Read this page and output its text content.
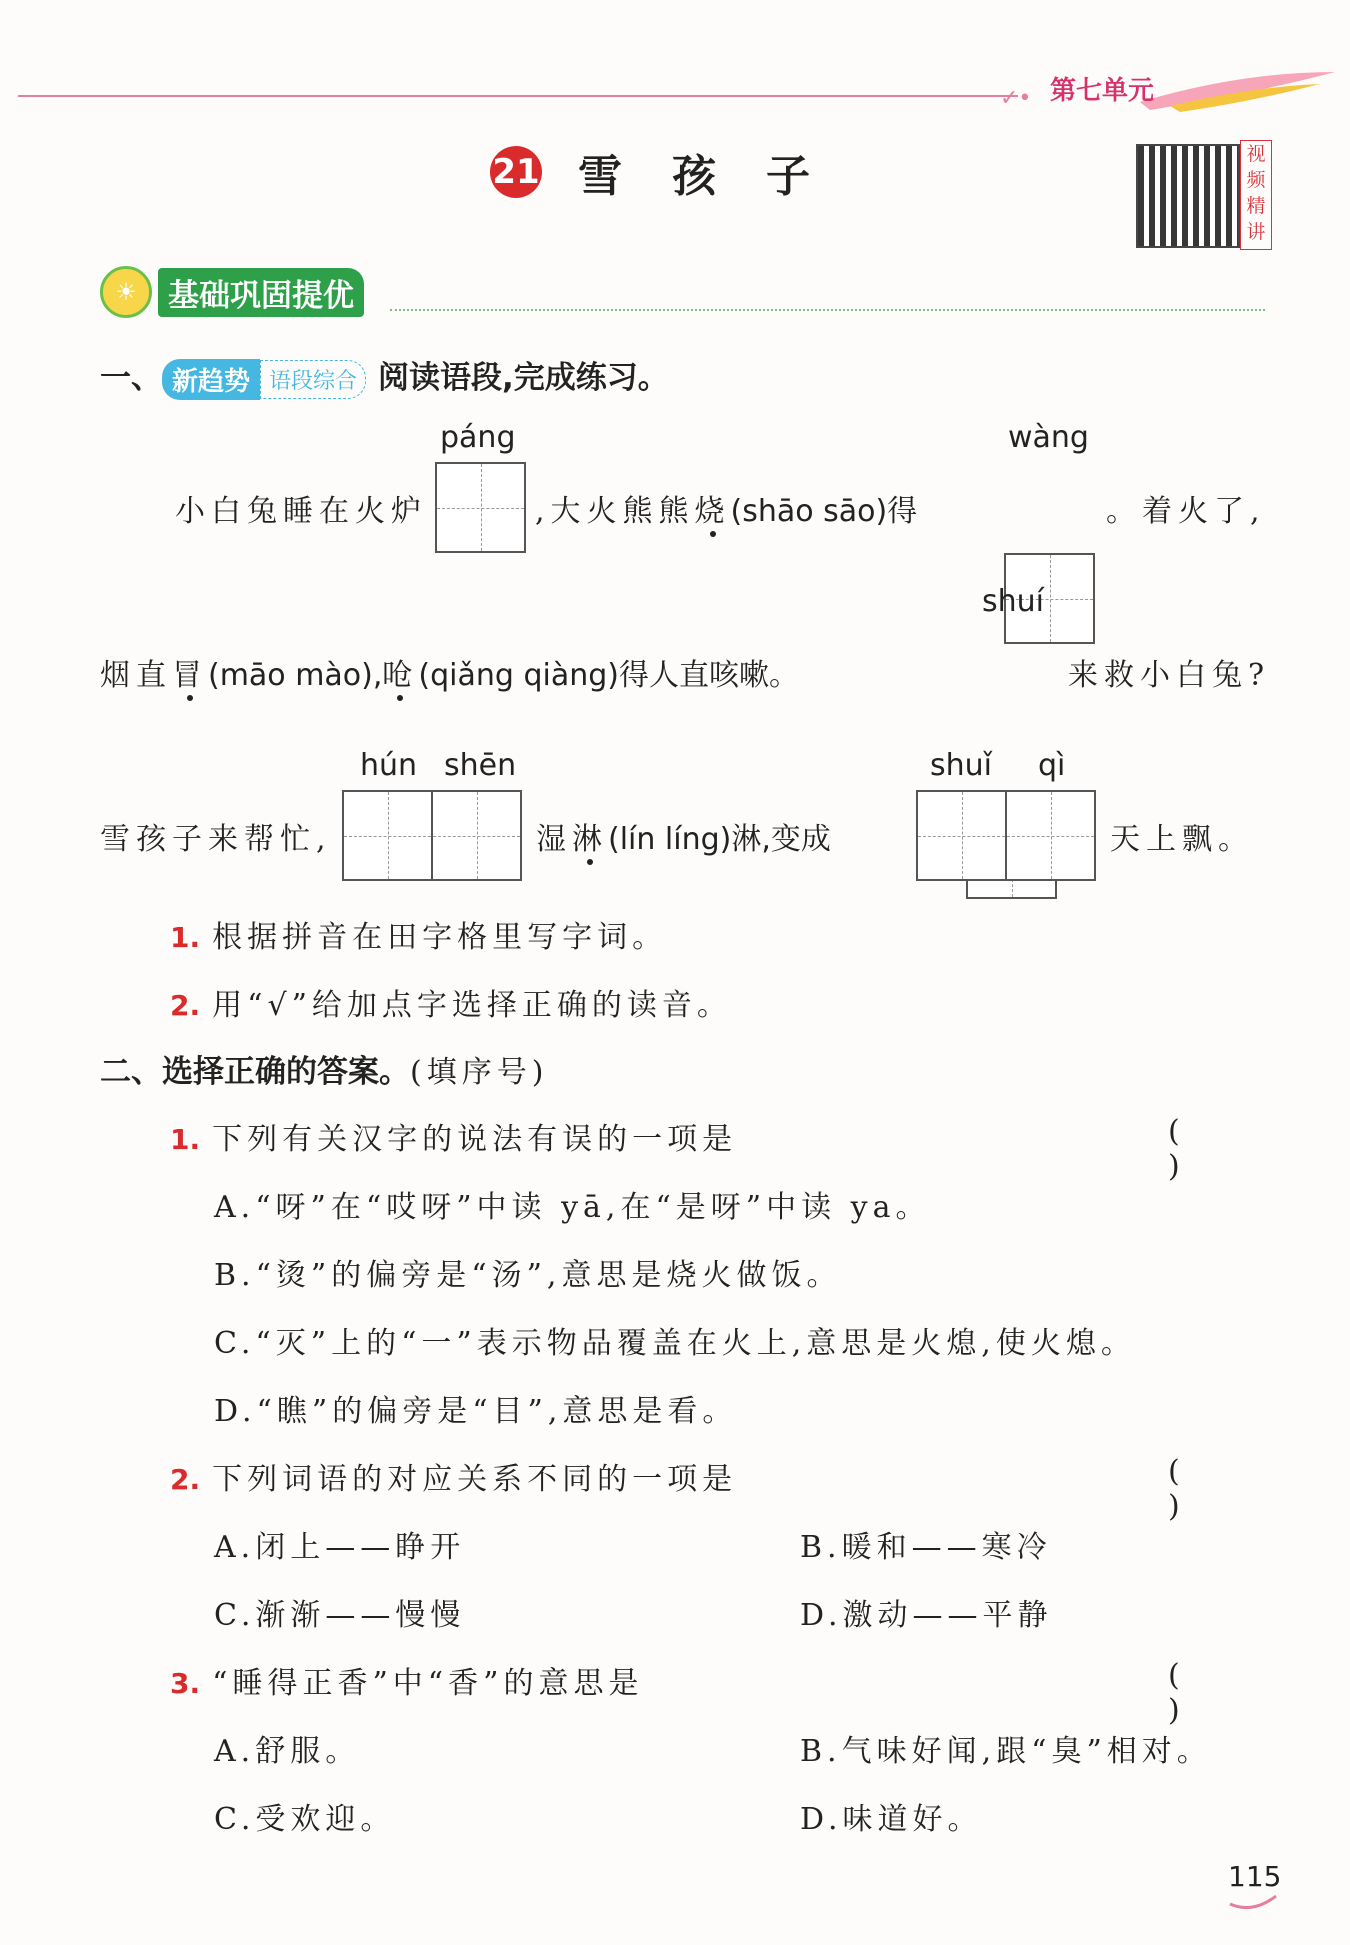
✓• 第七单元
21 雪孩子	视
频
精
讲
☀	基础巩固提优
一、 新趋势 语段综合 阅读语段,完成练习。
páng	wàng
小白兔睡在火炉	,大火熊熊烧(shāo sāo)得	。着火了,
shuí
烟直冒(māo mào),呛(qiǎng qiàng)得人直咳嗽。	来救小白兔?
hún shēn	shuǐ qì
雪孩子来帮忙,	湿淋(lín líng)淋,变成	天上飘。
1. 根据拼音在田字格里写字词。
2. 用“√”给加点字选择正确的读音。
二、选择正确的答案。(填序号)
1. 下列有关汉字的说法有误的一项是	( )
A.“呀”在“哎呀”中读 yā,在“是呀”中读 ya。
B.“烫”的偏旁是“汤”,意思是烧火做饭。
C.“灭”上的“一”表示物品覆盖在火上,意思是火熄,使火熄。
D.“瞧”的偏旁是“目”,意思是看。
2. 下列词语的对应关系不同的一项是	( )
A.闭上——睁开	B.暖和——寒冷
C.渐渐——慢慢	D.激动——平静
3. “睡得正香”中“香”的意思是	( )
A.舒服。	B.气味好闻,跟“臭”相对。
C.受欢迎。	D.味道好。
115
